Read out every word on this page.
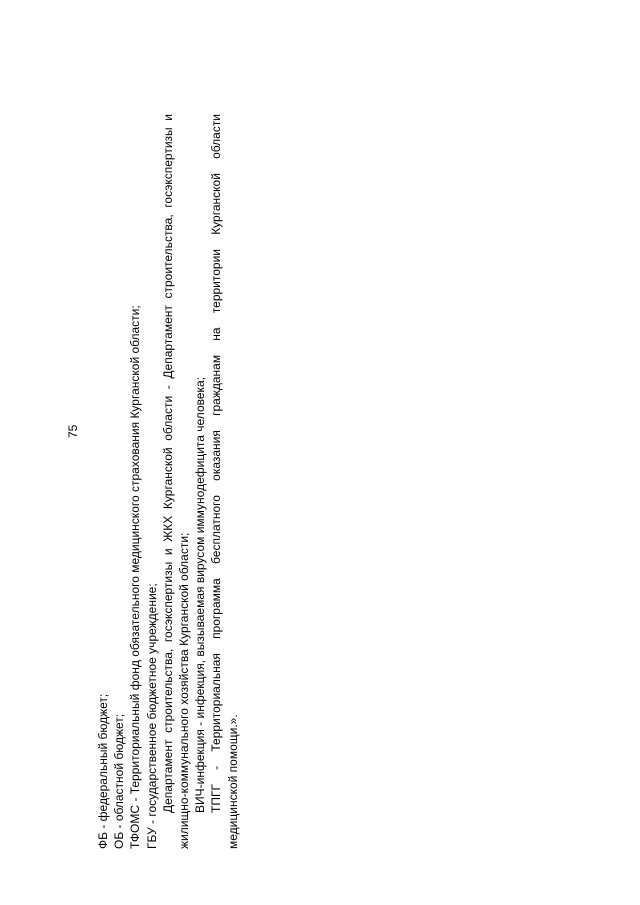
75
ФБ - федеральный бюджет; ОБ - областной бюджет; ТФОМС - Территориальный фонд обязательного медицинского страхования Курганской области; ГБУ - государственное бюджетное учреждение; Департамент строительства, госэкспертизы и ЖКХ Курганской области - Департамент строительства, госэкспертизы и жилищно-коммунального хозяйства Курганской области; ВИЧ-инфекция - инфекция, вызываемая вирусом иммунодефицита человека; ТПГГ - Территориальная программа бесплатного оказания гражданам на территории Курганской области медицинской помощи.».
